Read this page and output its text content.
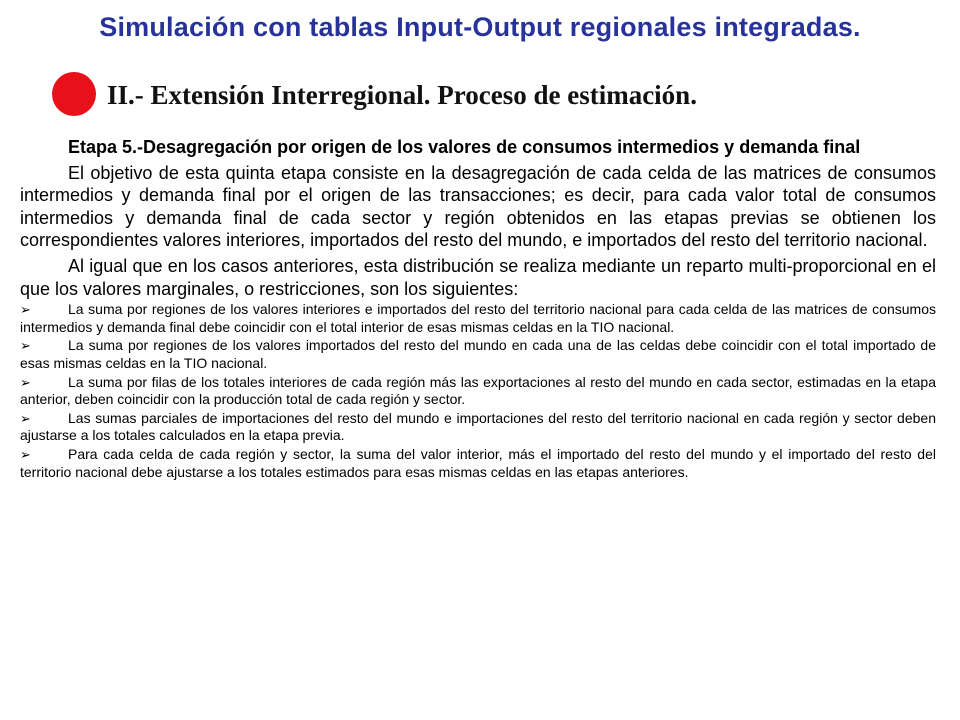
Simulación con tablas Input-Output regionales integradas.
II.- Extensión Interregional. Proceso de estimación.

Etapa 5.-Desagregación por origen de los valores de consumos intermedios y demanda final

El objetivo de esta quinta etapa consiste en la desagregación de cada celda de las matrices de consumos intermedios y demanda final por el origen de las transacciones; es decir, para cada valor total de consumos intermedios y demanda final de cada sector y región obtenidos en las etapas previas se obtienen los correspondientes valores interiores, importados del resto del mundo, e importados del resto del territorio nacional.

Al igual que en los casos anteriores, esta distribución se realiza mediante un reparto multi-proporcional en el que los valores marginales, o restricciones, son los siguientes:

➢	La suma por regiones de los valores interiores e importados del resto del territorio nacional para cada celda de las matrices de consumos intermedios y demanda final debe coincidir con el total interior de esas mismas celdas en la TIO nacional.
➢	La suma por regiones de los valores importados del resto del mundo en cada una de las celdas debe coincidir con el total importado de esas mismas celdas en la TIO nacional.
➢	La suma por filas de los totales interiores de cada región más las exportaciones al resto del mundo en cada sector, estimadas en la etapa anterior, deben coincidir con la producción total de cada región y sector.
➢	Las sumas parciales de importaciones del resto del mundo e importaciones del resto del territorio nacional en cada región y sector deben ajustarse a los totales calculados en la etapa previa.
➢	Para cada celda de cada región y sector, la suma del valor interior, más el importado del resto del mundo y el importado del resto del territorio nacional debe ajustarse a los totales estimados para esas mismas celdas en las etapas anteriores.
